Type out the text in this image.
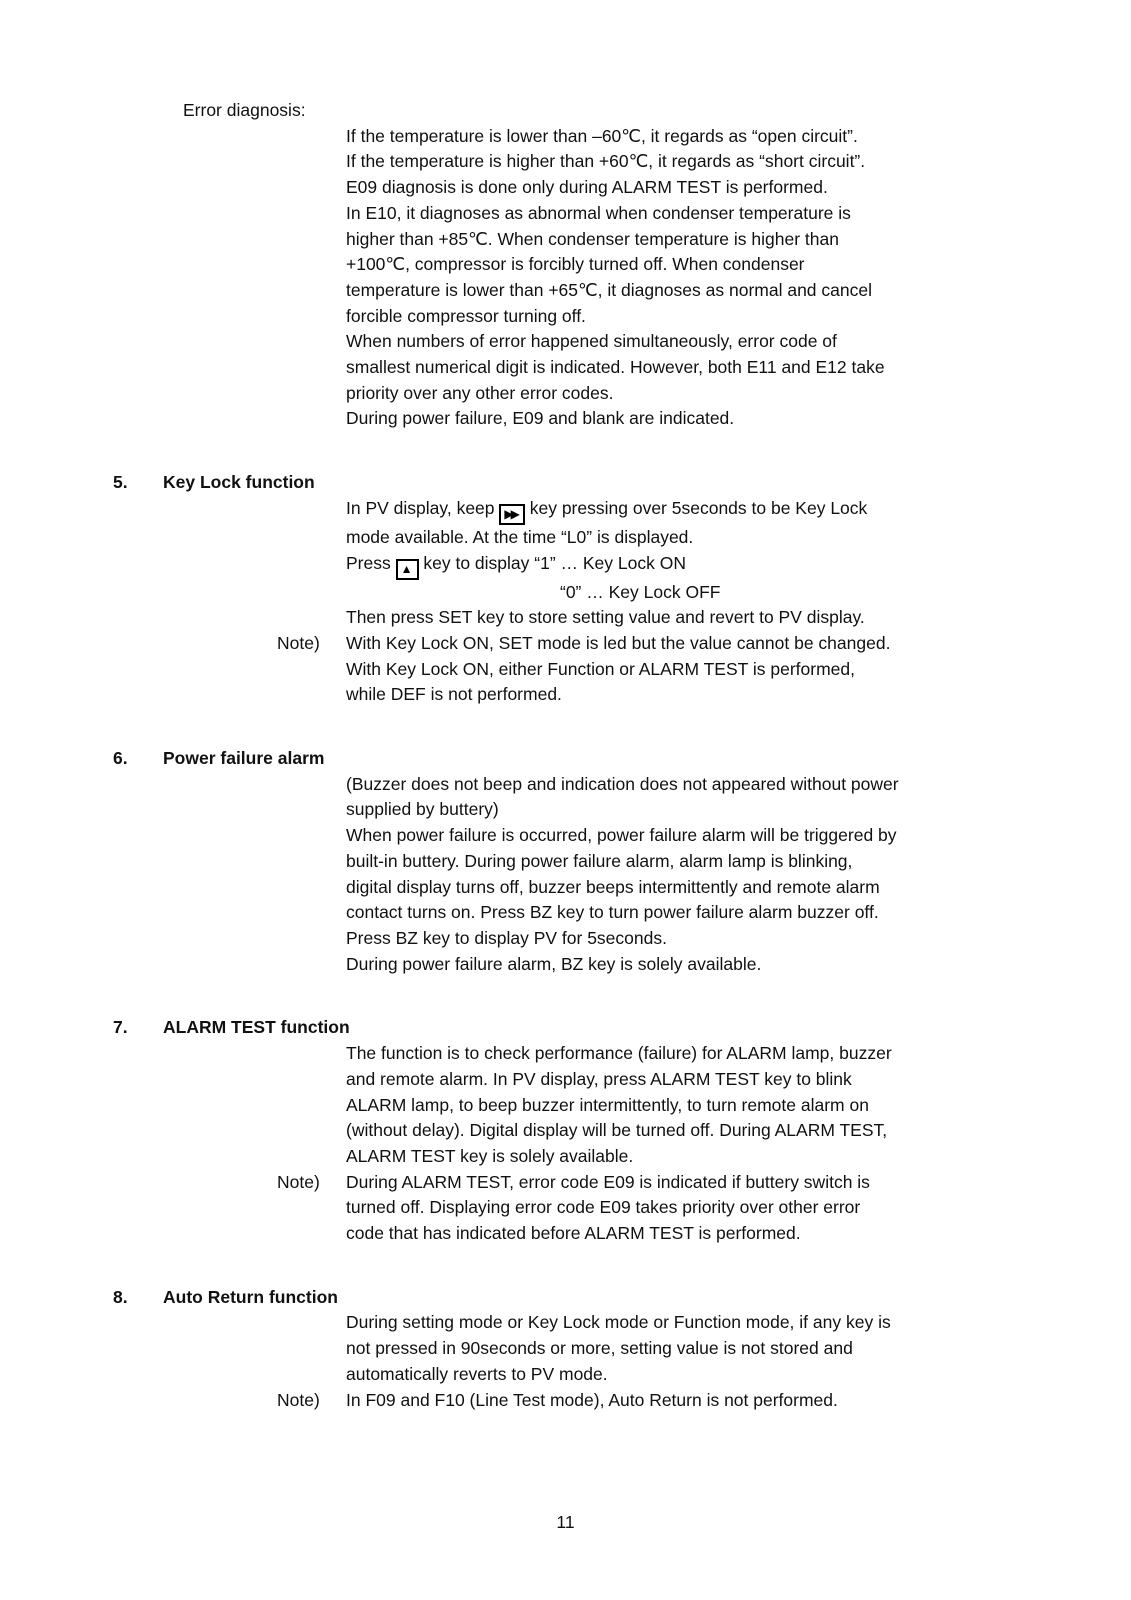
Error diagnosis:
If the temperature is lower than –60℃, it regards as “open circuit”.
If the temperature is higher than +60℃, it regards as “short circuit”.
E09 diagnosis is done only during ALARM TEST is performed.
In E10, it diagnoses as abnormal when condenser temperature is
higher than +85℃. When condenser temperature is higher than
+100℃, compressor is forcibly turned off. When condenser
temperature is lower than +65℃, it diagnoses as normal and cancel
forcible compressor turning off.
When numbers of error happened simultaneously, error code of
smallest numerical digit is indicated. However, both E11 and E12 take
priority over any other error codes.
During power failure, E09 and blank are indicated.
5.	Key Lock function
In PV display, keep ▶▶ key pressing over 5seconds to be Key Lock
mode available. At the time “L0” is displayed.
Press ▲ key to display “1” … Key Lock ON
“0” … Key Lock OFF
Then press SET key to store setting value and revert to PV display.
Note)	With Key Lock ON, SET mode is led but the value cannot be changed.
With Key Lock ON, either Function or ALARM TEST is performed,
while DEF is not performed.
6.	Power failure alarm
(Buzzer does not beep and indication does not appeared without power
supplied by buttery)
When power failure is occurred, power failure alarm will be triggered by
built-in buttery. During power failure alarm, alarm lamp is blinking,
digital display turns off, buzzer beeps intermittently and remote alarm
contact turns on. Press BZ key to turn power failure alarm buzzer off.
Press BZ key to display PV for 5seconds.
During power failure alarm, BZ key is solely available.
7.	ALARM TEST function
The function is to check performance (failure) for ALARM lamp, buzzer
and remote alarm. In PV display, press ALARM TEST key to blink
ALARM lamp, to beep buzzer intermittently, to turn remote alarm on
(without delay). Digital display will be turned off. During ALARM TEST,
ALARM TEST key is solely available.
Note)	During ALARM TEST, error code E09 is indicated if buttery switch is
turned off. Displaying error code E09 takes priority over other error
code that has indicated before ALARM TEST is performed.
8.	Auto Return function
During setting mode or Key Lock mode or Function mode, if any key is
not pressed in 90seconds or more, setting value is not stored and
automatically reverts to PV mode.
Note)	In F09 and F10 (Line Test mode), Auto Return is not performed.
11
